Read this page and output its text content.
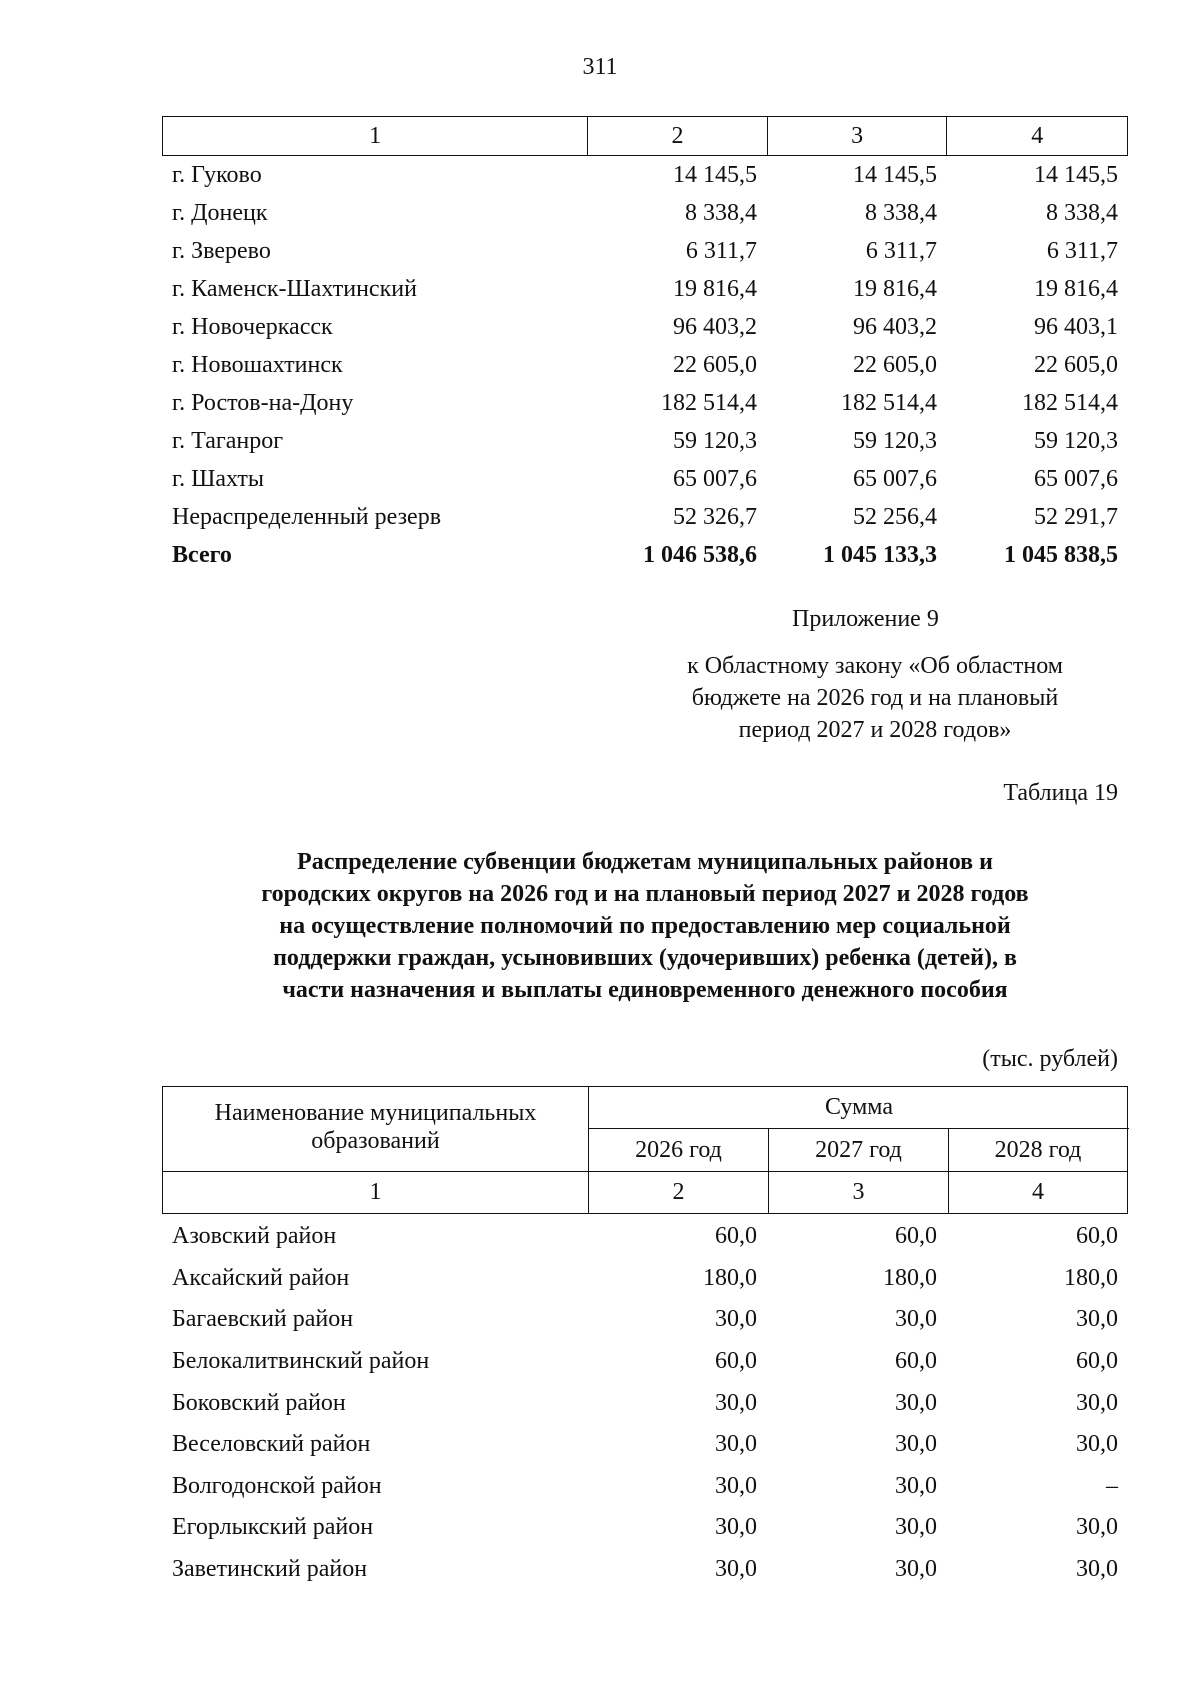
311
1	2	3	4
г. Гуково	14 145,5	14 145,5	14 145,5
г. Донецк	8 338,4	8 338,4	8 338,4
г. Зверево	6 311,7	6 311,7	6 311,7
г. Каменск-Шахтинский	19 816,4	19 816,4	19 816,4
г. Новочеркасск	96 403,2	96 403,2	96 403,1
г. Новошахтинск	22 605,0	22 605,0	22 605,0
г. Ростов-на-Дону	182 514,4	182 514,4	182 514,4
г. Таганрог	59 120,3	59 120,3	59 120,3
г. Шахты	65 007,6	65 007,6	65 007,6
Нераспределенный резерв	52 326,7	52 256,4	52 291,7
Всего	1 046 538,6	1 045 133,3	1 045 838,5
Приложение 9
к Областному закону «Об областном
бюджете на 2026 год и на плановый
период 2027 и 2028 годов»
Таблица 19
Распределение субвенции бюджетам муниципальных районов и
городских округов на 2026 год и на плановый период 2027 и 2028 годов
на осуществление полномочий по предоставлению мер социальной
поддержки граждан, усыновивших (удочеривших) ребенка (детей), в
части назначения и выплаты единовременного денежного пособия
(тыс. рублей)
Наименование муниципальных
образований
Сумма
2026 год	2027 год	2028 год
1	2	3	4
Азовский район	60,0	60,0	60,0
Аксайский район	180,0	180,0	180,0
Багаевский район	30,0	30,0	30,0
Белокалитвинский район	60,0	60,0	60,0
Боковский район	30,0	30,0	30,0
Веселовский район	30,0	30,0	30,0
Волгодонской район	30,0	30,0	–
Егорлыкский район	30,0	30,0	30,0
Заветинский район	30,0	30,0	30,0
